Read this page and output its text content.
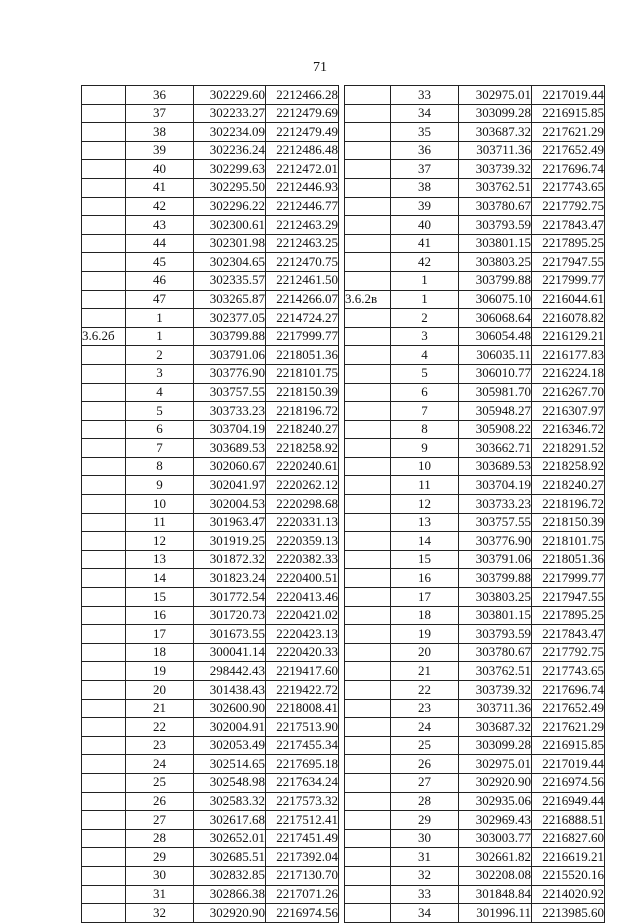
71
	36	302229.60	2212466.28
	37	302233.27	2212479.69
	38	302234.09	2212479.49
	39	302236.24	2212486.48
	40	302299.63	2212472.01
	41	302295.50	2212446.93
	42	302296.22	2212446.77
	43	302300.61	2212463.29
	44	302301.98	2212463.25
	45	302304.65	2212470.75
	46	302335.57	2212461.50
	47	303265.87	2214266.07
	1	302377.05	2214724.27
3.6.2б	1	303799.88	2217999.77
	2	303791.06	2218051.36
	3	303776.90	2218101.75
	4	303757.55	2218150.39
	5	303733.23	2218196.72
	6	303704.19	2218240.27
	7	303689.53	2218258.92
	8	302060.67	2220240.61
	9	302041.97	2220262.12
	10	302004.53	2220298.68
	11	301963.47	2220331.13
	12	301919.25	2220359.13
	13	301872.32	2220382.33
	14	301823.24	2220400.51
	15	301772.54	2220413.46
	16	301720.73	2220421.02
	17	301673.55	2220423.13
	18	300041.14	2220420.33
	19	298442.43	2219417.60
	20	301438.43	2219422.72
	21	302600.90	2218008.41
	22	302004.91	2217513.90
	23	302053.49	2217455.34
	24	302514.65	2217695.18
	25	302548.98	2217634.24
	26	302583.32	2217573.32
	27	302617.68	2217512.41
	28	302652.01	2217451.49
	29	302685.51	2217392.04
	30	302832.85	2217130.70
	31	302866.38	2217071.26
	32	302920.90	2216974.56
	33	302975.01	2217019.44
	34	303099.28	2216915.85
	35	303687.32	2217621.29
	36	303711.36	2217652.49
	37	303739.32	2217696.74
	38	303762.51	2217743.65
	39	303780.67	2217792.75
	40	303793.59	2217843.47
	41	303801.15	2217895.25
	42	303803.25	2217947.55
	1	303799.88	2217999.77
3.6.2в	1	306075.10	2216044.61
	2	306068.64	2216078.82
	3	306054.48	2216129.21
	4	306035.11	2216177.83
	5	306010.77	2216224.18
	6	305981.70	2216267.70
	7	305948.27	2216307.97
	8	305908.22	2216346.72
	9	303662.71	2218291.52
	10	303689.53	2218258.92
	11	303704.19	2218240.27
	12	303733.23	2218196.72
	13	303757.55	2218150.39
	14	303776.90	2218101.75
	15	303791.06	2218051.36
	16	303799.88	2217999.77
	17	303803.25	2217947.55
	18	303801.15	2217895.25
	19	303793.59	2217843.47
	20	303780.67	2217792.75
	21	303762.51	2217743.65
	22	303739.32	2217696.74
	23	303711.36	2217652.49
	24	303687.32	2217621.29
	25	303099.28	2216915.85
	26	302975.01	2217019.44
	27	302920.90	2216974.56
	28	302935.06	2216949.44
	29	302969.43	2216888.51
	30	303003.77	2216827.60
	31	302661.82	2216619.21
	32	302208.08	2215520.16
	33	301848.84	2214020.92
	34	301996.11	2213985.60
